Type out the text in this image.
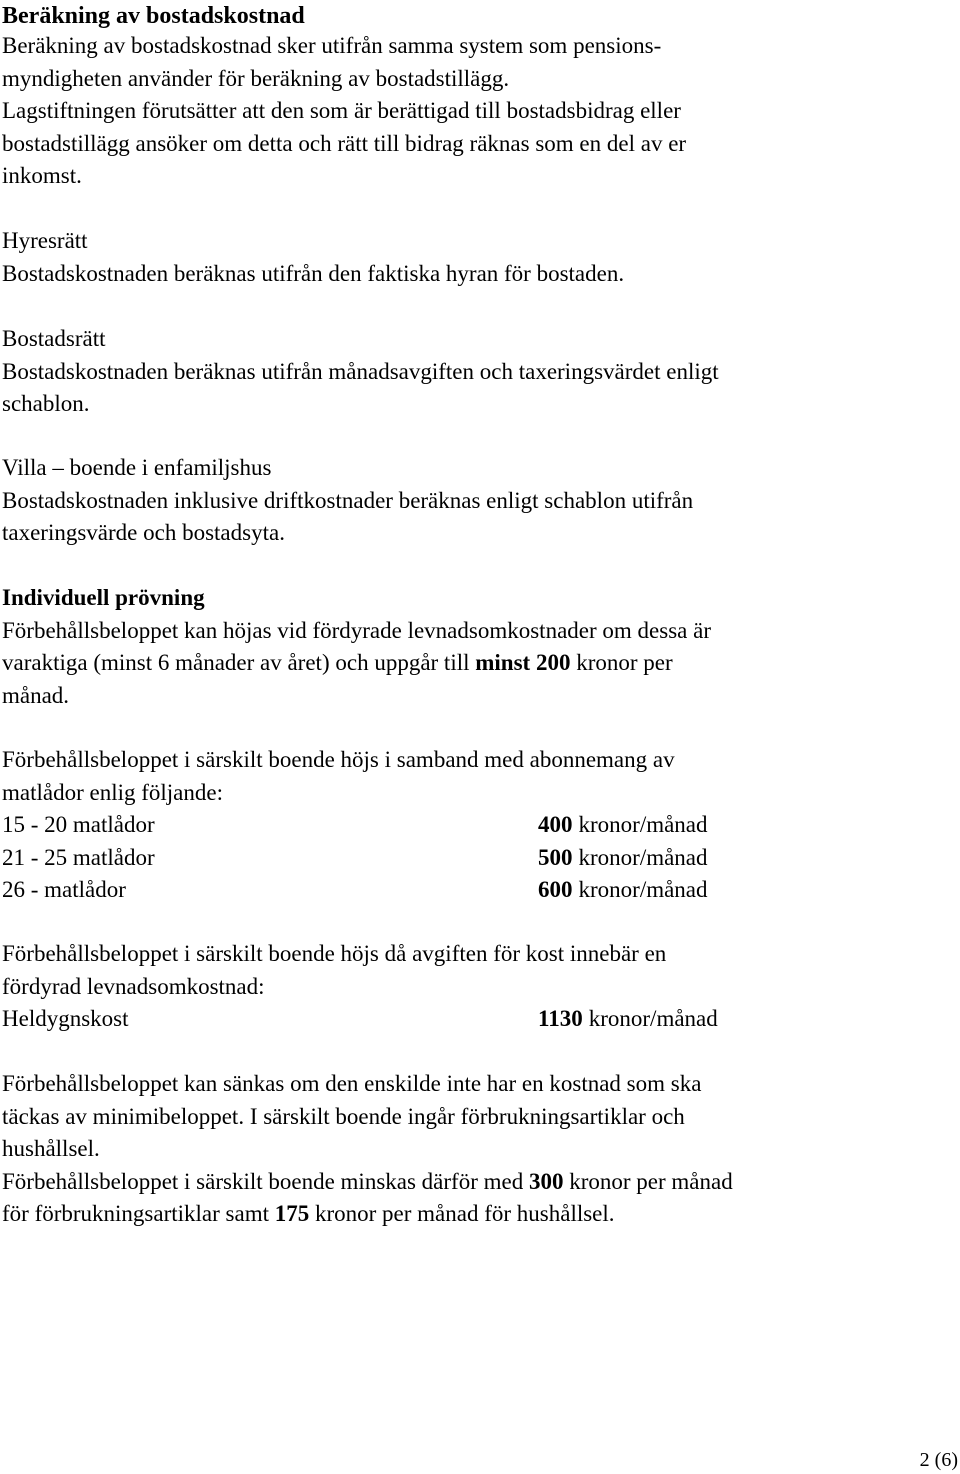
Beräkning av bostadskostnad
Beräkning av bostadskostnad sker utifrån samma system som pensions-
myndigheten använder för beräkning av bostadstillägg.
Lagstiftningen förutsätter att den som är berättigad till bostadsbidrag eller
bostadstillägg ansöker om detta och rätt till bidrag räknas som en del av er
inkomst.
Hyresrätt
Bostadskostnaden beräknas utifrån den faktiska hyran för bostaden.
Bostadsrätt
Bostadskostnaden beräknas utifrån månadsavgiften och taxeringsvärdet enligt
schablon.
Villa – boende i enfamiljshus
Bostadskostnaden inklusive driftkostnader beräknas enligt schablon utifrån
taxeringsvärde och bostadsyta.
Individuell prövning
Förbehållsbeloppet kan höjas vid fördyrade levnadsomkostnader om dessa är
varaktiga (minst 6 månader av året) och uppgår till minst 200 kronor per
månad.
Förbehållsbeloppet i särskilt boende höjs i samband med abonnemang av
matlådor enlig följande:
15 - 20 matlådor	400 kronor/månad
21 - 25 matlådor	500 kronor/månad
26 - matlådor	600 kronor/månad
Förbehållsbeloppet i särskilt boende höjs då avgiften för kost innebär en
fördyrad levnadsomkostnad:
Heldygnskost	1130 kronor/månad
Förbehållsbeloppet kan sänkas om den enskilde inte har en kostnad som ska
täckas av minimibeloppet. I särskilt boende ingår förbrukningsartiklar och
hushållsel.
Förbehållsbeloppet i särskilt boende minskas därför med 300 kronor per månad
för förbrukningsartiklar samt 175 kronor per månad för hushållsel.
2 (6)
